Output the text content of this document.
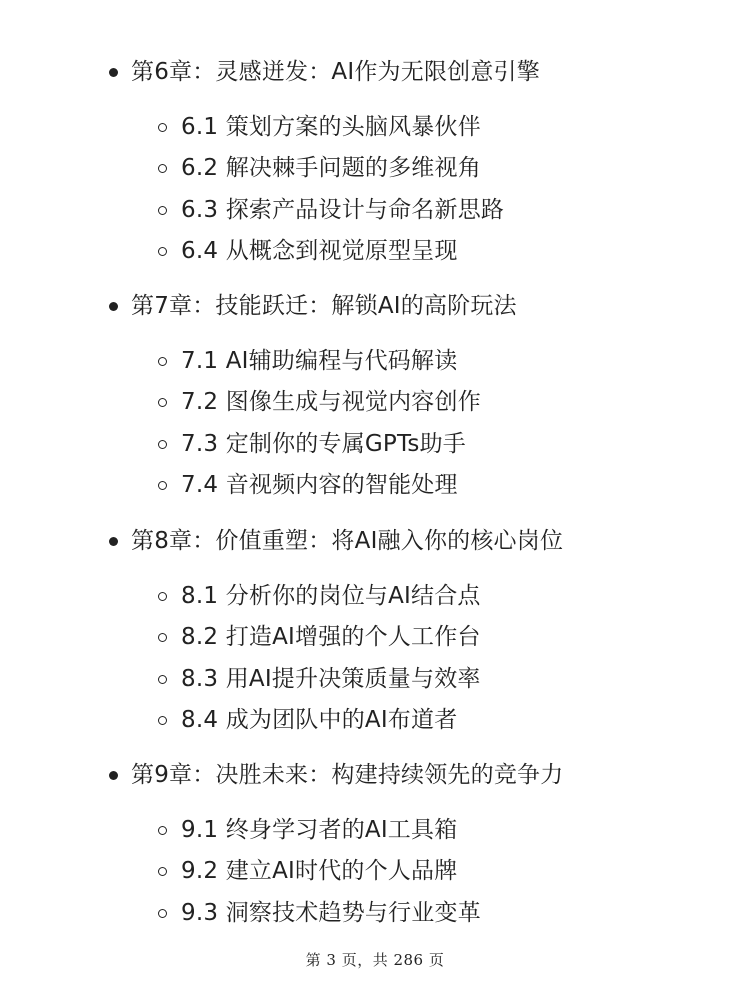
第6章：灵感迸发：AI作为无限创意引擎
6.1 策划方案的头脑风暴伙伴
6.2 解决棘手问题的多维视角
6.3 探索产品设计与命名新思路
6.4 从概念到视觉原型呈现
第7章：技能跃迁：解锁AI的高阶玩法
7.1 AI辅助编程与代码解读
7.2 图像生成与视觉内容创作
7.3 定制你的专属GPTs助手
7.4 音视频内容的智能处理
第8章：价值重塑：将AI融入你的核心岗位
8.1 分析你的岗位与AI结合点
8.2 打造AI增强的个人工作台
8.3 用AI提升决策质量与效率
8.4 成为团队中的AI布道者
第9章：决胜未来：构建持续领先的竞争力
9.1 终身学习者的AI工具箱
9.2 建立AI时代的个人品牌
9.3 洞察技术趋势与行业变革
第 3 页，共 286 页
